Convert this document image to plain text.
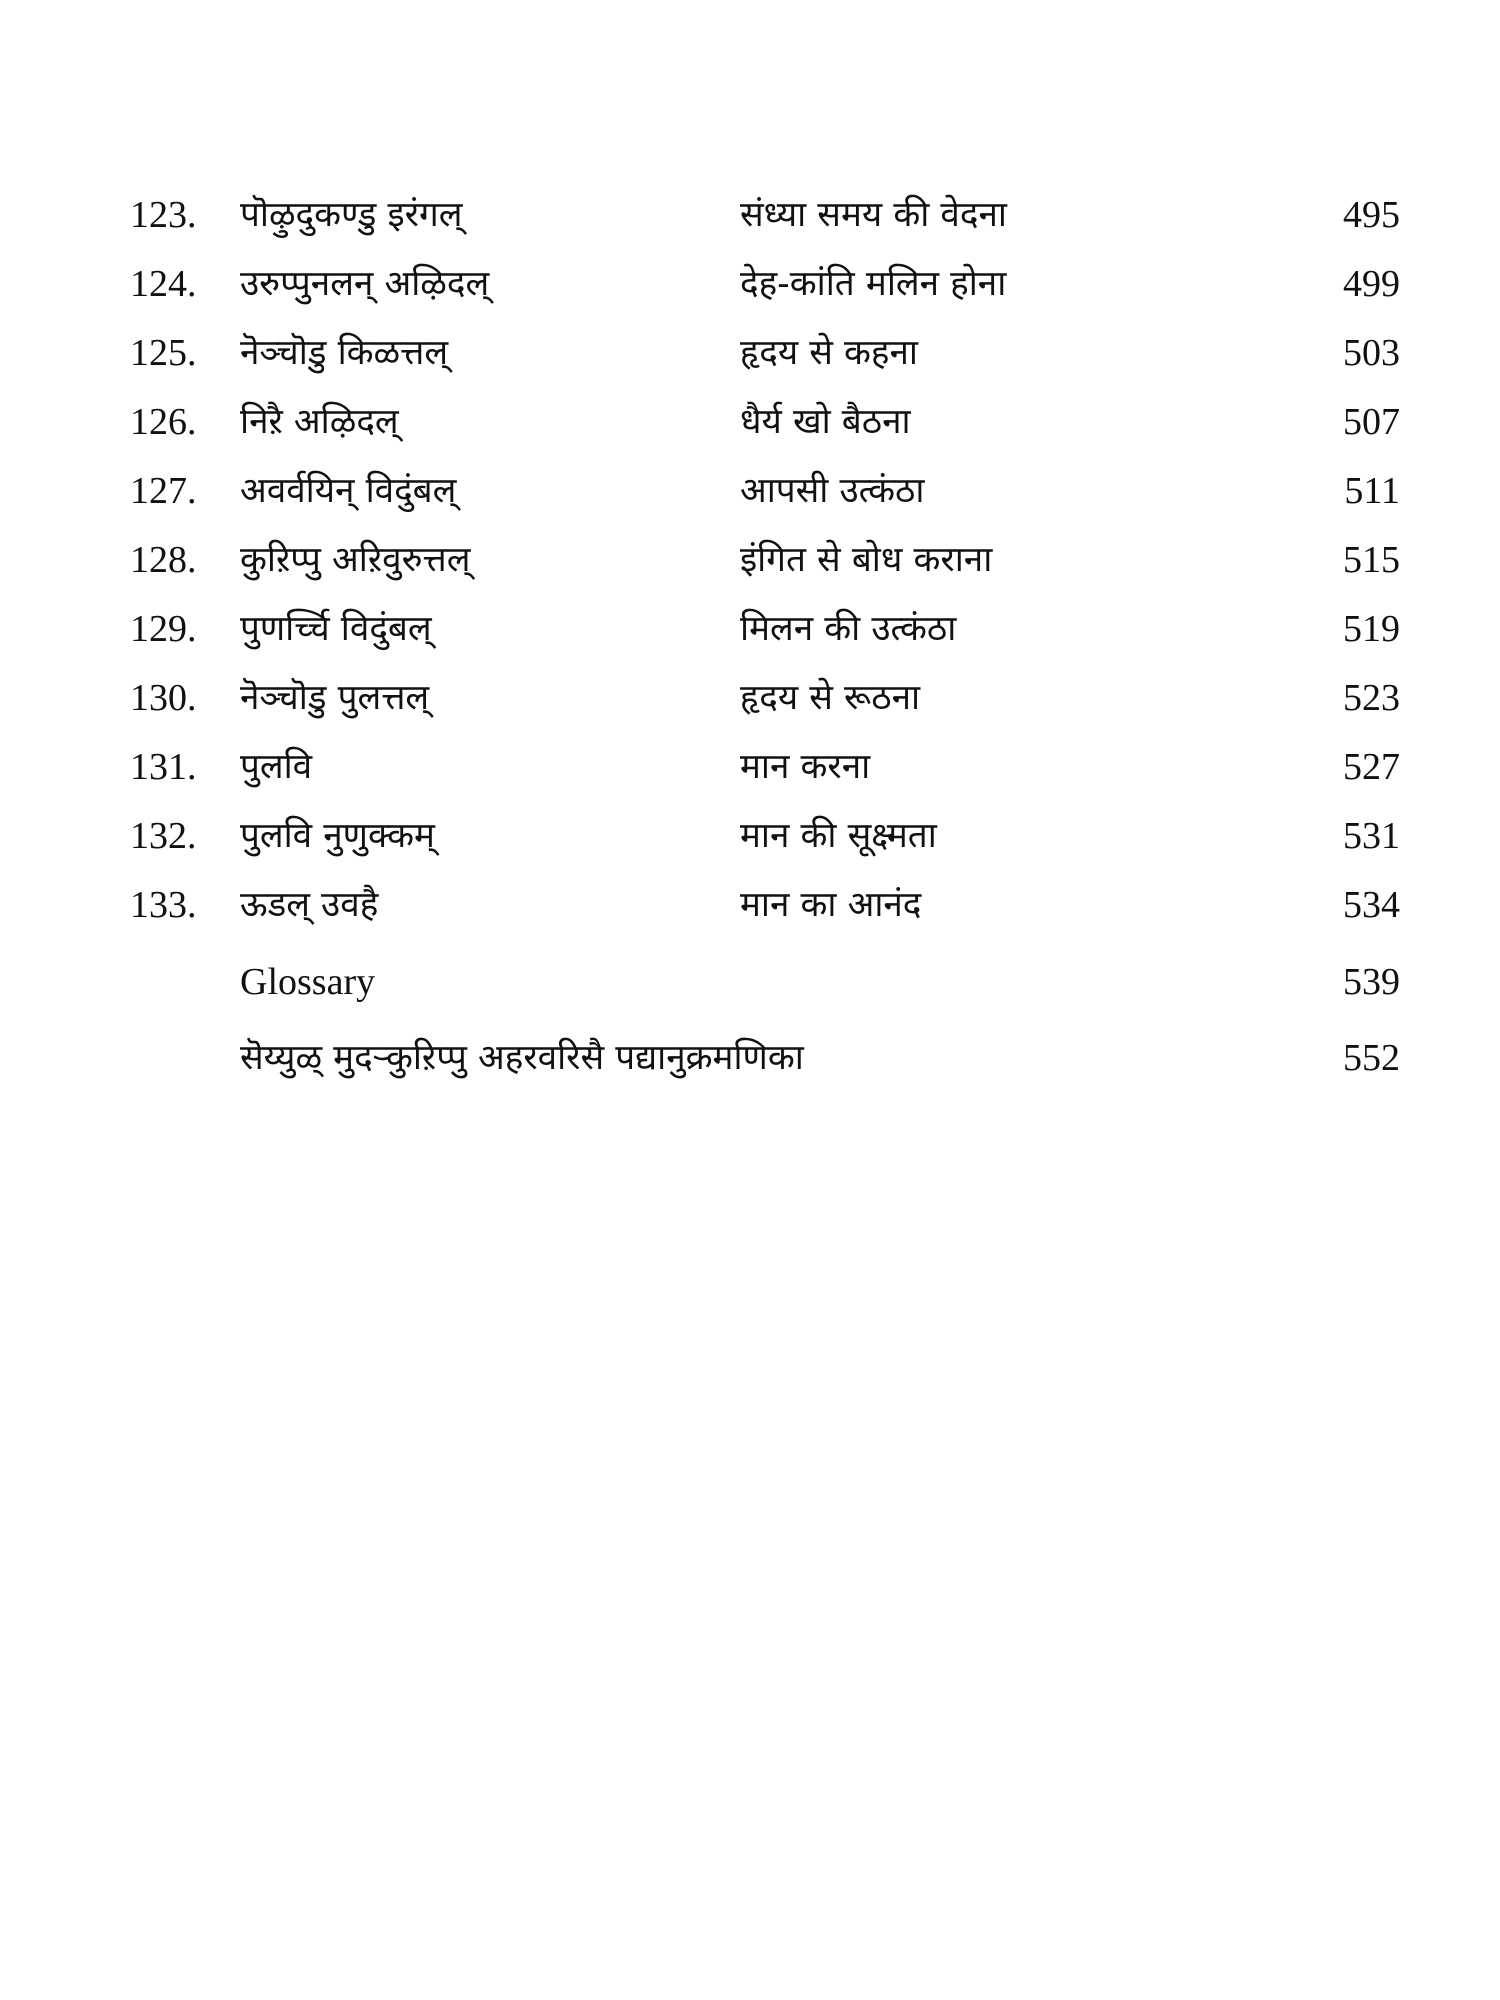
123. पॊऴुदुकण्डु इरंगल्	संध्या समय की वेदना	495
124. उरुप्पुनलन् अऴिदल्	देह-कांति मलिन होना	499
125. नॆञ्चॊडु किळत्तल्	हृदय से कहना	503
126. निऱै अऴिदल्	धैर्य खो बैठना	507
127. अवर्वयिन् विदुंबल्	आपसी उत्कंठा	511
128. कुऱिप्पु अऱिवुरुत्तल्	इंगित से बोध कराना	515
129. पुणर्च्चि विदुंबल्	मिलन की उत्कंठा	519
130. नॆञ्चॊडु पुलत्तल्	हृदय से रूठना	523
131. पुलवि	मान करना	527
132. पुलवि नुणुक्कम्	मान की सूक्ष्मता	531
133. ऊडल् उवहै	मान का आनंद	534
Glossary	539
सॆय्युळ् मुदऱ्कुऱिप्पु अहरवरिसै पद्यानुक्रमणिका	552
